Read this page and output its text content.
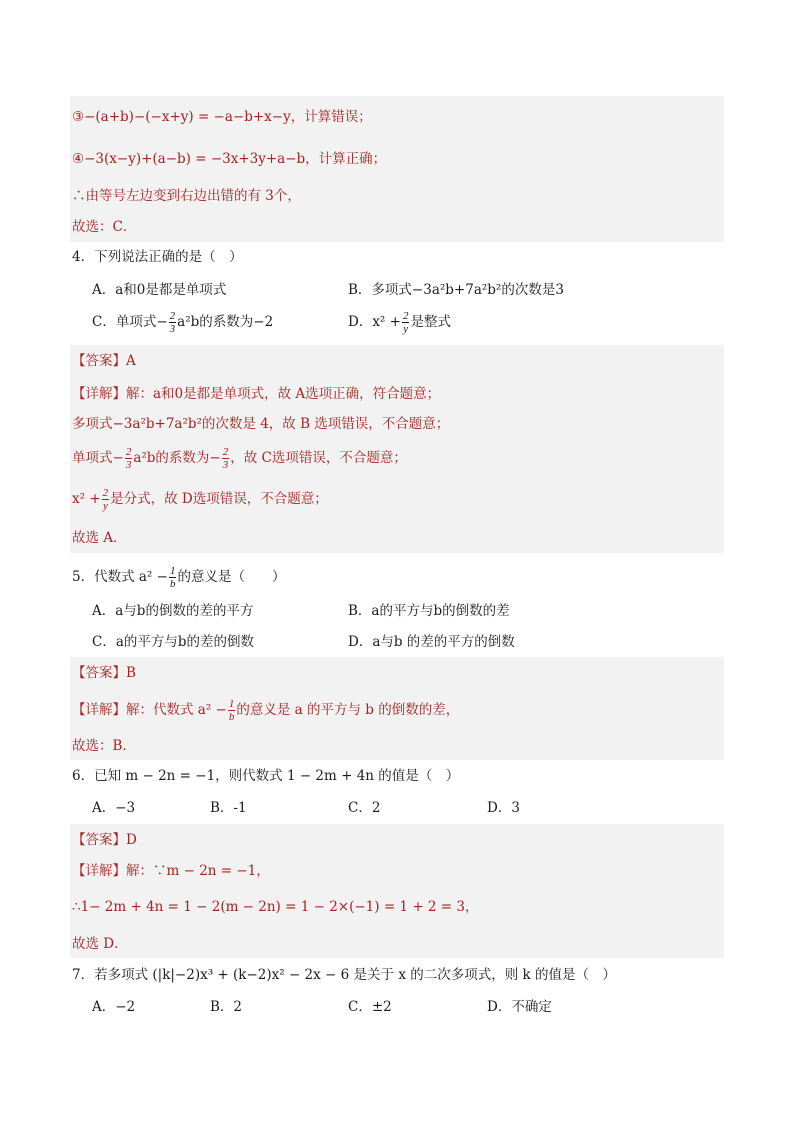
③−(a+b)−(−x+y) = −a−b+x−y，计算错误；
④−3(x−y)+(a−b) = −3x+3y+a−b，计算正确；
∴由等号左边变到右边出错的有 3个，
故选：C．
4．下列说法正确的是（　）
A．a和0是都是单项式	B．多项式−3a²b+7a²b²的次数是3
C．单项式− $\frac{2}{3} a^2b$的系数为−2	D．$x^2 + \frac{2}{y}$ 是整式
【答案】A
【详解】解：a和0是都是单项式，故 A选项正确，符合题意；
多项式−3a²b+7a²b²的次数是 4，故 B 选项错误，不合题意；
单项式− $\frac{2}{3} a^2b$的系数为− $\frac{2}{3}$ ，故 C选项错误，不合题意；
$x^2 + \frac{2}{y}$ 是分式，故 D选项错误，不合题意；
故选 A．
5．代数式 $a^2 - \frac{1}{b}$ 的意义是（　　）
A．a与b的倒数的差的平方	B．a的平方与b的倒数的差
C．a的平方与b的差的倒数	D．a与b 的差的平方的倒数
【答案】B
【详解】解：代数式 $a^2 - \frac{1}{b}$ 的意义是 a 的平方与 b 的倒数的差，
故选：B．
6．已知 m − 2n = −1，则代数式 1 − 2m + 4n 的值是（　）
A．−3	B．-1	C．2	D．3
【答案】D
【详解】解：∵m − 2n = −1，
∴1− 2m + 4n = 1 − 2(m − 2n) = 1 − 2×(−1) = 1 + 2 = 3，
故选 D．
7．若多项式 (|k|−2)x³ + (k−2)x² − 2x − 6 是关于 x 的二次多项式，则 k 的值是（　）
A．−2	B．2	C．±2	D．不确定
